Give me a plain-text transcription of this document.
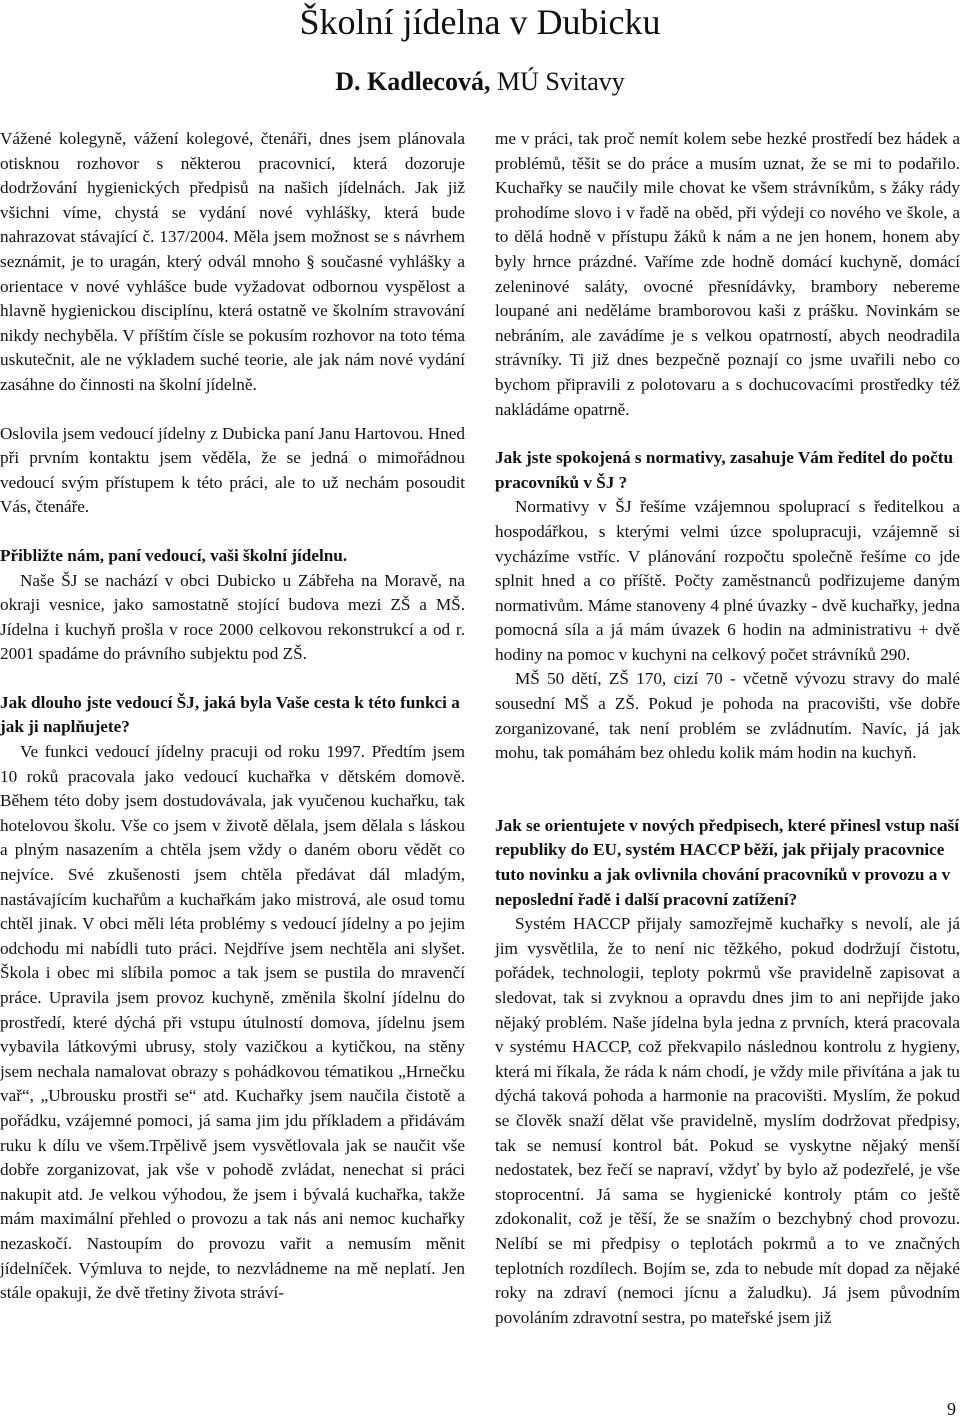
Školní jídelna v Dubicku

D. Kadlecová, MÚ Svitavy

Vážené kolegyně, vážení kolegové, čtenáři, dnes jsem plánovala otisknou rozhovor s některou pracovnicí, která dozoruje dodržování hygienických předpisů na našich jídelnách. Jak již všichni víme, chystá se vydání nové vyhlášky, která bude nahrazovat stávající č. 137/2004. Měla jsem možnost se s návrhem seznámit, je to uragán, který odvál mnoho § současné vyhlášky a orientace v nové vyhlášce bude vyžadovat odbornou vyspělost a hlavně hygienickou disciplínu, která ostatně ve školním stravování nikdy nechyběla. V příštím čísle se pokusím rozhovor na toto téma uskutečnit, ale ne výkladem suché teorie, ale jak nám nové vydání zasáhne do činnosti na školní jídelně.

Oslovila jsem vedoucí jídelny z Dubicka paní Janu Hartovou. Hned při prvním kontaktu jsem věděla, že se jedná o mimořádnou vedoucí svým přístupem k této práci, ale to už nechám posoudit Vás, čtenáře.

Přibližte nám, paní vedoucí, vaši školní jídelnu.

Naše ŠJ se nachází v obci Dubicko u Zábřeha na Moravě, na okraji vesnice, jako samostatně stojící budova mezi ZŠ a MŠ. Jídelna i kuchyň prošla v roce 2000 celkovou rekonstrukcí a od r. 2001 spadáme do právního subjektu pod ZŠ.

Jak dlouho jste vedoucí ŠJ, jaká byla Vaše cesta k této funkci a jak ji naplňujete?

Ve funkci vedoucí jídelny pracuji od roku 1997. Předtím jsem 10 roků pracovala jako vedoucí kuchařka v dětském domově. Během této doby jsem dostudovávala, jak vyučenou kuchařku, tak hotelovou školu. Vše co jsem v životě dělala, jsem dělala s láskou a plným nasazením a chtěla jsem vždy o daném oboru vědět co nejvíce. Své zkušenosti jsem chtěla předávat dál mladým, nastávajícím kuchařům a kuchařkám jako mistrová, ale osud tomu chtěl jinak. V obci měli léta problémy s vedoucí jídelny a po jejim odchodu mi nabídli tuto práci. Nejdříve jsem nechtěla ani slyšet. Škola i obec mi slíbila pomoc a tak jsem se pustila do mravenčí práce. Upravila jsem provoz kuchyně, změnila školní jídelnu do prostředí, které dýchá při vstupu útulností domova, jídelnu jsem vybavila látkovými ubrusy, stoly vazičkou a kytičkou, na stěny jsem nechala namalovat obrazy s pohádkovou tématikou „Hrnečku vař“, „Ubrousku prostři se“ atd. Kuchařky jsem naučila čistotě a pořádku, vzájemné pomoci, já sama jim jdu příkladem a přidávám ruku k dílu ve všem.Trpělivě jsem vysvětlovala jak se naučit vše dobře zorganizovat, jak vše v pohodě zvládat, nenechat si práci nakupit atd. Je velkou výhodou, že jsem i bývalá kuchařka, takže mám maximální přehled o provozu a tak nás ani nemoc kuchařky nezaskočí. Nastoupím do provozu vařit a nemusím měnit jídelníček. Výmluva to nejde, to nezvládneme na mě neplatí. Jen stále opakuji, že dvě třetiny života stráví-

me v práci, tak proč nemít kolem sebe hezké prostředí bez hádek a problémů, těšit se do práce a musím uznat, že se mi to podařilo. Kuchařky se naučily mile chovat ke všem strávníkům, s žáky rády prohodíme slovo i v řadě na oběd, při výdeji co nového ve škole, a to dělá hodně v přístupu žáků k nám a ne jen honem, honem aby byly hrnce prázdné. Vaříme zde hodně domácí kuchyně, domácí zeleninové saláty, ovocné přesnídávky, brambory nebereme loupané ani neděláme bramborovou kaši z prášku. Novinkám se nebráním, ale zavádíme je s velkou opatrností, abych neodradila strávníky. Ti již dnes bezpečně poznají co jsme uvařili nebo co bychom připravili z polotovaru a s dochucovacími prostředky též nakládáme opatrně.

Jak jste spokojená s normativy, zasahuje Vám ředitel do počtu pracovníků v ŠJ ?

Normativy v ŠJ řešíme vzájemnou spoluprací s ředitelkou a hospodářkou, s kterými velmi úzce spolupracuji, vzájemně si vycházíme vstříc. V plánování rozpočtu společně řešíme co jde splnit hned a co příště. Počty zaměstnanců podřizujeme daným normativům. Máme stanoveny 4 plné úvazky - dvě kuchařky, jedna pomocná síla a já mám úvazek 6 hodin na administrativu + dvě hodiny na pomoc v kuchyni na celkový počet strávníků 290.

MŠ 50 dětí, ZŠ 170, cizí 70 - včetně vývozu stravy do malé sousední MŠ a ZŠ. Pokud je pohoda na pracovišti, vše dobře zorganizované, tak není problém se zvládnutím. Navíc, já jak mohu, tak pomáhám bez ohledu kolik mám hodin na kuchyň.

Jak se orientujete v nových předpisech, které přinesl vstup naší republiky do EU, systém HACCP běží, jak přijaly pracovnice tuto novinku a jak ovlivnila chování pracovníků v provozu a v neposlední řadě i další pracovní zatížení?

Systém HACCP přijaly samozřejmě kuchařky s nevolí, ale já jim vysvětlila, že to není nic těžkého, pokud dodržují čistotu, pořádek, technologii, teploty pokrmů vše pravidelně zapisovat a sledovat, tak si zvyknou a opravdu dnes jim to ani nepřijde jako nějaký problém. Naše jídelna byla jedna z prvních, která pracovala v systému HACCP, což překvapilo následnou kontrolu z hygieny, která mi říkala, že ráda k nám chodí, je vždy mile přivítána a jak tu dýchá taková pohoda a harmonie na pracovišti. Myslím, že pokud se člověk snaží dělat vše pravidelně, myslím dodržovat předpisy, tak se nemusí kontrol bát. Pokud se vyskytne nějaký menší nedostatek, bez řečí se napraví, vždyť by bylo až podezřelé, je vše stoprocentní. Já sama se hygienické kontroly ptám co ještě zdokonalit, což je těší, že se snažím o bezchybný chod provozu. Nelíbí se mi předpisy o teplotách pokrmů a to ve značných teplotních rozdílech. Bojím se, zda to nebude mít dopad za nějaké roky na zdraví (nemoci jícnu a žaludku). Já jsem původním povoláním zdravotní sestra, po mateřské jsem již

9
